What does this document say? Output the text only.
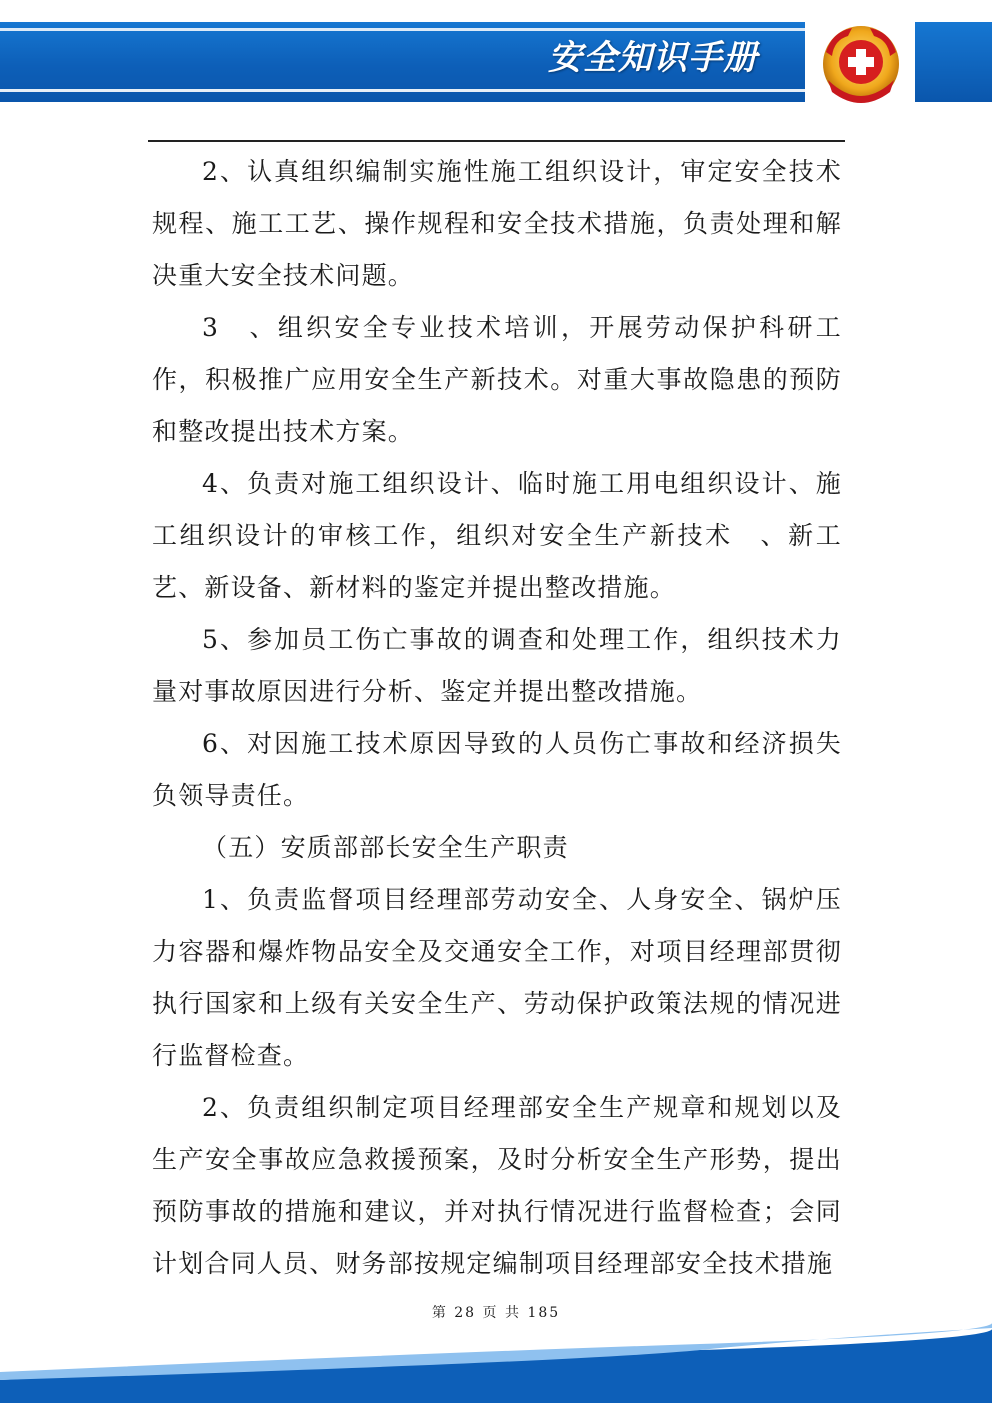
安全知识手册

2、认真组织编制实施性施工组织设计，审定安全技术规程、施工工艺、操作规程和安全技术措施，负责处理和解决重大安全技术问题。

3　、组织安全专业技术培训，开展劳动保护科研工作，积极推广应用安全生产新技术。对重大事故隐患的预防和整改提出技术方案。

4、负责对施工组织设计、临时施工用电组织设计、施工组织设计的审核工作，组织对安全生产新技术　、新工艺、新设备、新材料的鉴定并提出整改措施。

5、参加员工伤亡事故的调查和处理工作，组织技术力量对事故原因进行分析、鉴定并提出整改措施。

6、对因施工技术原因导致的人员伤亡事故和经济损失负领导责任。

（五）安质部部长安全生产职责

1、负责监督项目经理部劳动安全、人身安全、锅炉压力容器和爆炸物品安全及交通安全工作，对项目经理部贯彻执行国家和上级有关安全生产、劳动保护政策法规的情况进行监督检查。

2、负责组织制定项目经理部安全生产规章和规划以及生产安全事故应急救援预案，及时分析安全生产形势，提出预防事故的措施和建议，并对执行情况进行监督检查；会同计划合同人员、财务部按规定编制项目经理部安全技术措施

第 28 页 共 185
